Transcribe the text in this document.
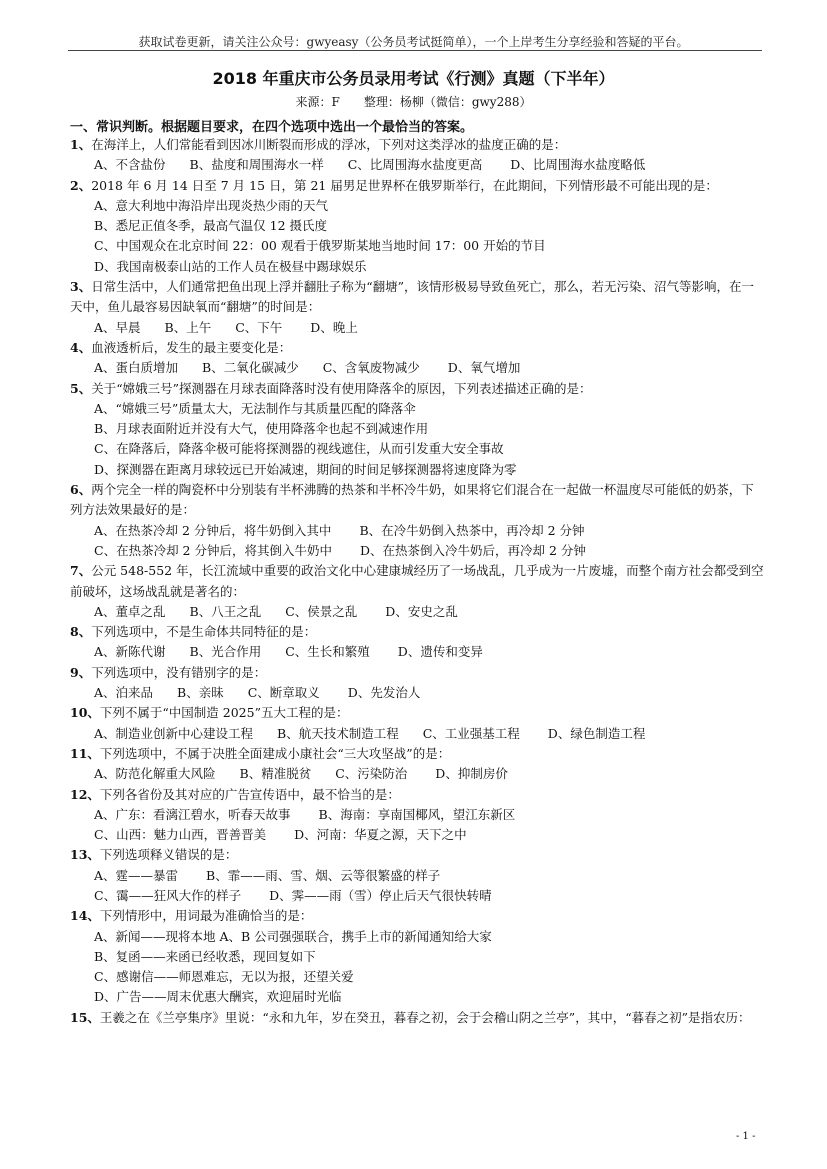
获取试卷更新，请关注公众号：gwyeasy（公务员考试挺简单），一个上岸考生分享经验和答疑的平台。
2018 年重庆市公务员录用考试《行测》真题（下半年）
来源：F　　整理：杨柳（微信：gwy288）
一、常识判断。根据题目要求，在四个选项中选出一个最恰当的答案。

1、在海洋上，人们常能看到因冰川断裂而形成的浮冰，下列对这类浮冰的盐度正确的是：

A、不含盐份 B、盐度和周围海水一样 C、比周围海水盐度更高 D、比周围海水盐度略低

2、2018 年 6 月 14 日至 7 月 15 日，第 21 届男足世界杯在俄罗斯举行，在此期间，下列情形最不可能出现的是：

A、意大利地中海沿岸出现炎热少雨的天气

B、悉尼正值冬季，最高气温仅 12 摄氏度

C、中国观众在北京时间 22：00 观看于俄罗斯某地当地时间 17：00 开始的节目

D、我国南极泰山站的工作人员在极昼中踢球娱乐

3、日常生活中，人们通常把鱼出现上浮并翻肚子称为“翻塘”，该情形极易导致鱼死亡，那么，若无污染、沼气等影响，在一天中，鱼儿最容易因缺氧而“翻塘”的时间是：

A、早晨 B、上午 C、下午 D、晚上

4、血液透析后，发生的最主要变化是：

A、蛋白质增加 B、二氧化碳减少 C、含氧废物减少 D、氧气增加

5、关于“嫦娥三号”探测器在月球表面降落时没有使用降落伞的原因，下列表述描述正确的是：

A、“嫦娥三号”质量太大，无法制作与其质量匹配的降落伞

B、月球表面附近并没有大气，使用降落伞也起不到减速作用

C、在降落后，降落伞极可能将探测器的视线遮住，从而引发重大安全事故

D、探测器在距离月球较远已开始减速，期间的时间足够探测器将速度降为零

6、两个完全一样的陶瓷杯中分别装有半杯沸腾的热茶和半杯冷牛奶，如果将它们混合在一起做一杯温度尽可能低的奶茶，下列方法效果最好的是：

A、在热茶冷却 2 分钟后，将牛奶倒入其中 B、在冷牛奶倒入热茶中，再冷却 2 分钟

C、在热茶冷却 2 分钟后，将其倒入牛奶中 D、在热茶倒入冷牛奶后，再冷却 2 分钟

7、公元 548-552 年，长江流域中重要的政治文化中心建康城经历了一场战乱，几乎成为一片废墟，而整个南方社会都受到空前破坏，这场战乱就是著名的：

A、董卓之乱 B、八王之乱 C、侯景之乱 D、安史之乱

8、下列选项中，不是生命体共同特征的是：

A、新陈代谢 B、光合作用 C、生长和繁殖 D、遗传和变异

9、下列选项中，没有错别字的是：

A、泊来品 B、亲昧 C、断章取义 D、先发治人

10、下列不属于“中国制造 2025”五大工程的是：

A、制造业创新中心建设工程 B、航天技术制造工程 C、工业强基工程 D、绿色制造工程

11、下列选项中，不属于决胜全面建成小康社会“三大攻坚战”的是：

A、防范化解重大风险 B、精准脱贫 C、污染防治 D、抑制房价

12、下列各省份及其对应的广告宣传语中，最不恰当的是：

A、广东：看漓江碧水，听春天故事 B、海南：享南国椰风，望江东新区

C、山西：魅力山西，晋善晋美 D、河南：华夏之源，天下之中

13、下列选项释义错误的是：

A、霆——暴雷 B、霏——雨、雪、烟、云等很繁盛的样子

C、霭——狂风大作的样子 D、霁——雨（雪）停止后天气很快转晴

14、下列情形中，用词最为准确恰当的是：

A、新闻——现将本地 A、B 公司强强联合，携手上市的新闻通知给大家

B、复函——来函已经收悉，现回复如下

C、感谢信——师恩难忘，无以为报，还望关爱

D、广告——周末优惠大酬宾，欢迎届时光临

15、王羲之在《兰亭集序》里说：“永和九年，岁在癸丑，暮春之初，会于会稽山阴之兰亭”，其中，“暮春之初”是指农历：

- 1 -
